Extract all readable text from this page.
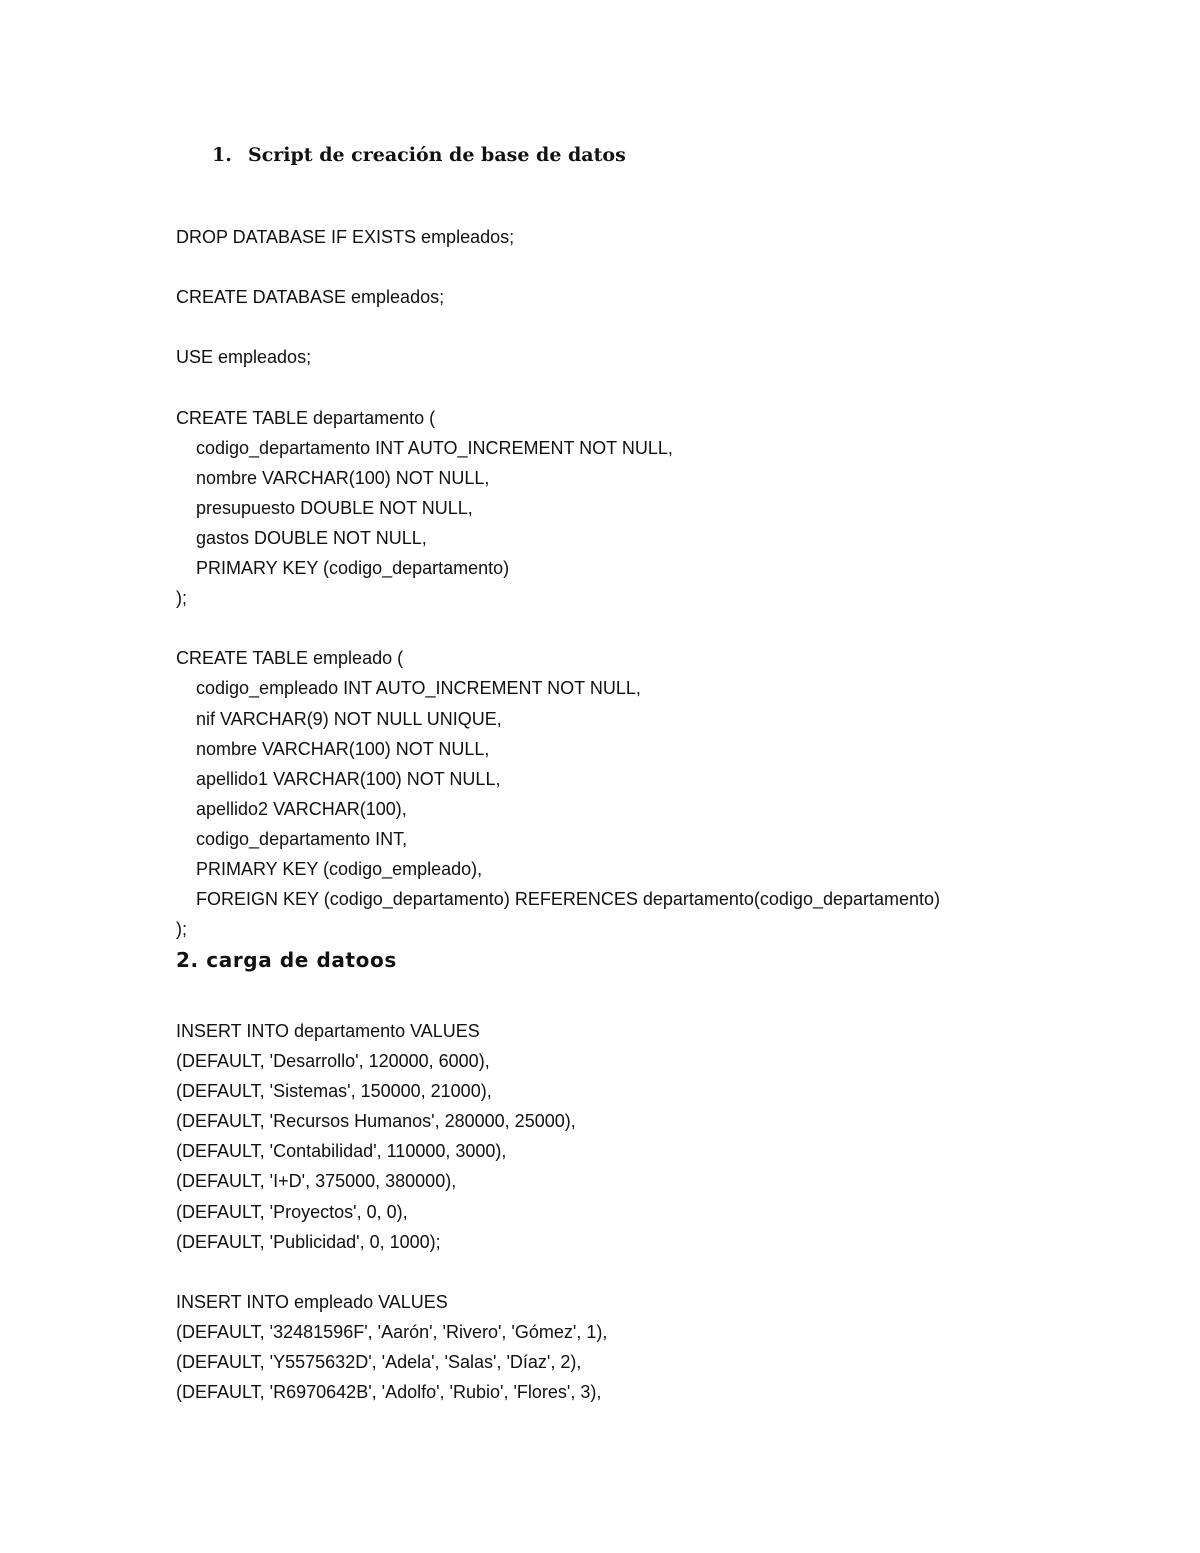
1. Script de creación de base de datos
DROP DATABASE IF EXISTS empleados;
CREATE DATABASE empleados;
USE empleados;
CREATE TABLE departamento (
codigo_departamento INT AUTO_INCREMENT NOT NULL,
nombre VARCHAR(100) NOT NULL,
presupuesto DOUBLE NOT NULL,
gastos DOUBLE NOT NULL,
PRIMARY KEY (codigo_departamento)
);
CREATE TABLE empleado (
codigo_empleado INT AUTO_INCREMENT NOT NULL,
nif VARCHAR(9) NOT NULL UNIQUE,
nombre VARCHAR(100) NOT NULL,
apellido1 VARCHAR(100) NOT NULL,
apellido2 VARCHAR(100),
codigo_departamento INT,
PRIMARY KEY (codigo_empleado),
FOREIGN KEY (codigo_departamento) REFERENCES departamento(codigo_departamento)
);
2. carga de datoos
INSERT INTO departamento VALUES
(DEFAULT, 'Desarrollo', 120000, 6000),
(DEFAULT, 'Sistemas', 150000, 21000),
(DEFAULT, 'Recursos Humanos', 280000, 25000),
(DEFAULT, 'Contabilidad', 110000, 3000),
(DEFAULT, 'I+D', 375000, 380000),
(DEFAULT, 'Proyectos', 0, 0),
(DEFAULT, 'Publicidad', 0, 1000);
INSERT INTO empleado VALUES
(DEFAULT, '32481596F', 'Aarón', 'Rivero', 'Gómez', 1),
(DEFAULT, 'Y5575632D', 'Adela', 'Salas', 'Díaz', 2),
(DEFAULT, 'R6970642B', 'Adolfo', 'Rubio', 'Flores', 3),
